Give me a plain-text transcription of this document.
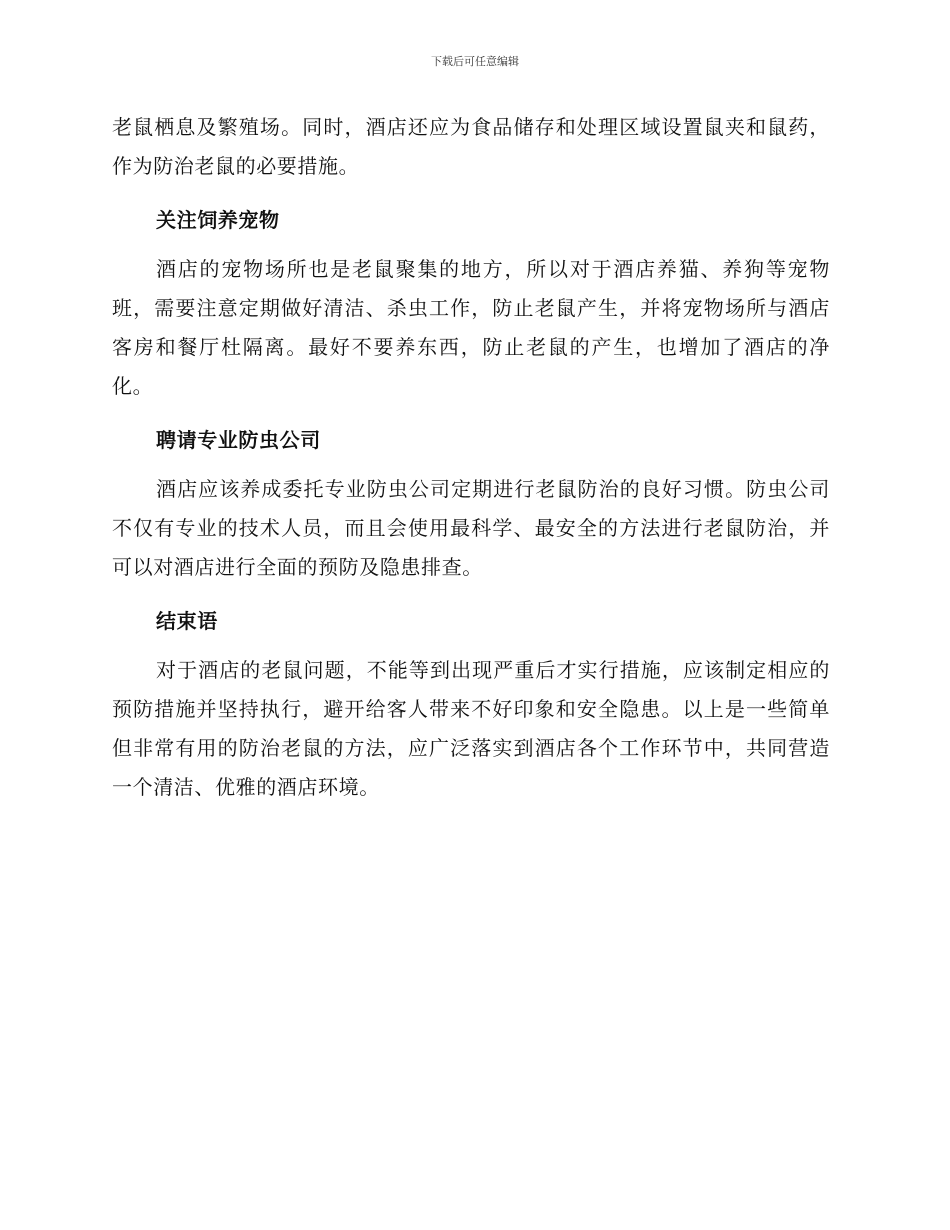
下载后可任意编辑

老鼠栖息及繁殖场。同时，酒店还应为食品储存和处理区域设置鼠夹和鼠药，作为防治老鼠的必要措施。

关注饲养宠物

酒店的宠物场所也是老鼠聚集的地方，所以对于酒店养猫、养狗等宠物班，需要注意定期做好清洁、杀虫工作，防止老鼠产生，并将宠物场所与酒店客房和餐厅杜隔离。最好不要养东西，防止老鼠的产生，也增加了酒店的净化。

聘请专业防虫公司

酒店应该养成委托专业防虫公司定期进行老鼠防治的良好习惯。防虫公司不仅有专业的技术人员，而且会使用最科学、最安全的方法进行老鼠防治，并可以对酒店进行全面的预防及隐患排查。

结束语

对于酒店的老鼠问题，不能等到出现严重后才实行措施，应该制定相应的预防措施并坚持执行，避开给客人带来不好印象和安全隐患。以上是一些简单但非常有用的防治老鼠的方法，应广泛落实到酒店各个工作环节中，共同营造一个清洁、优雅的酒店环境。
